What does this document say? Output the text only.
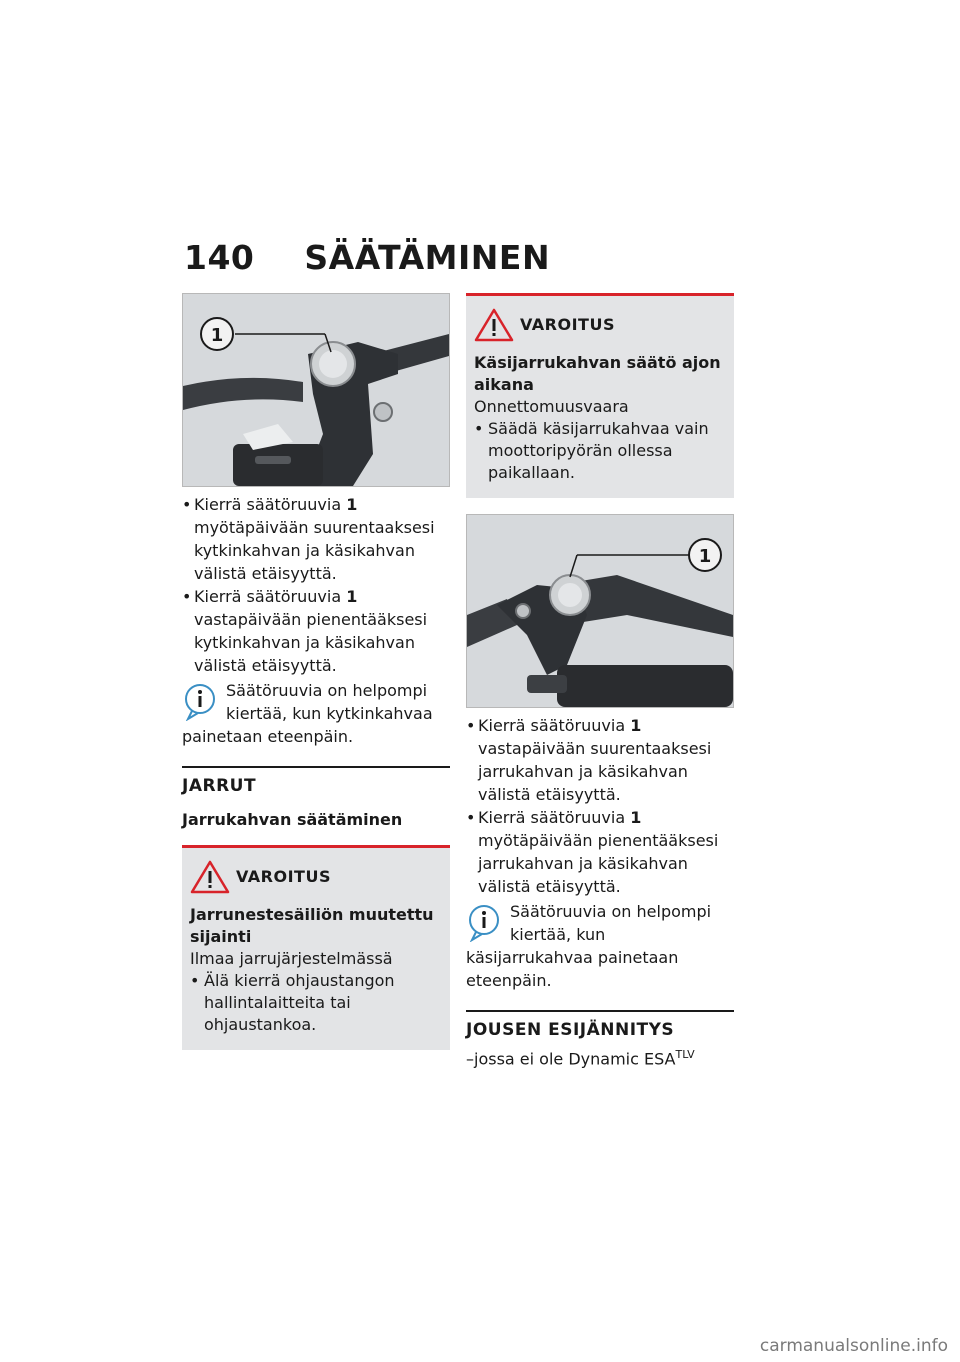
140 SÄÄTÄMINEN
1
• Kierrä säätöruuvia 1 myötäpäivään suurentaaksesi kytkinkahvan ja käsikahvan välistä etäisyyttä.
• Kierrä säätöruuvia 1 vastapäivään pienentääksesi kytkinkahvan ja käsikahvan välistä etäisyyttä.
Säätöruuvia on helpompi kiertää, kun kytkinkahvaa painetaan eteenpäin.
JARRUT
Jarrukahvan säätäminen
VAROITUS
Jarrunestesäiliön muutettu sijainti
Ilmaa jarrujärjestelmässä
• Älä kierrä ohjaustangon hallintalaitteita tai ohjaustankoa.
VAROITUS
Käsijarrukahvan säätö ajon aikana
Onnettomuusvaara
• Säädä käsijarrukahvaa vain moottoripyörän ollessa paikallaan.
1
• Kierrä säätöruuvia 1 vastapäivään suurentaaksesi jarrukahvan ja käsikahvan välistä etäisyyttä.
• Kierrä säätöruuvia 1 myötäpäivään pienentääksesi jarrukahvan ja käsikahvan välistä etäisyyttä.
Säätöruuvia on helpompi kiertää, kun käsijarrukahvaa painetaan eteenpäin.
JOUSEN ESIJÄNNITYS
–jossa ei ole Dynamic $ESA^{TLV}$
carmanualsonline.info
